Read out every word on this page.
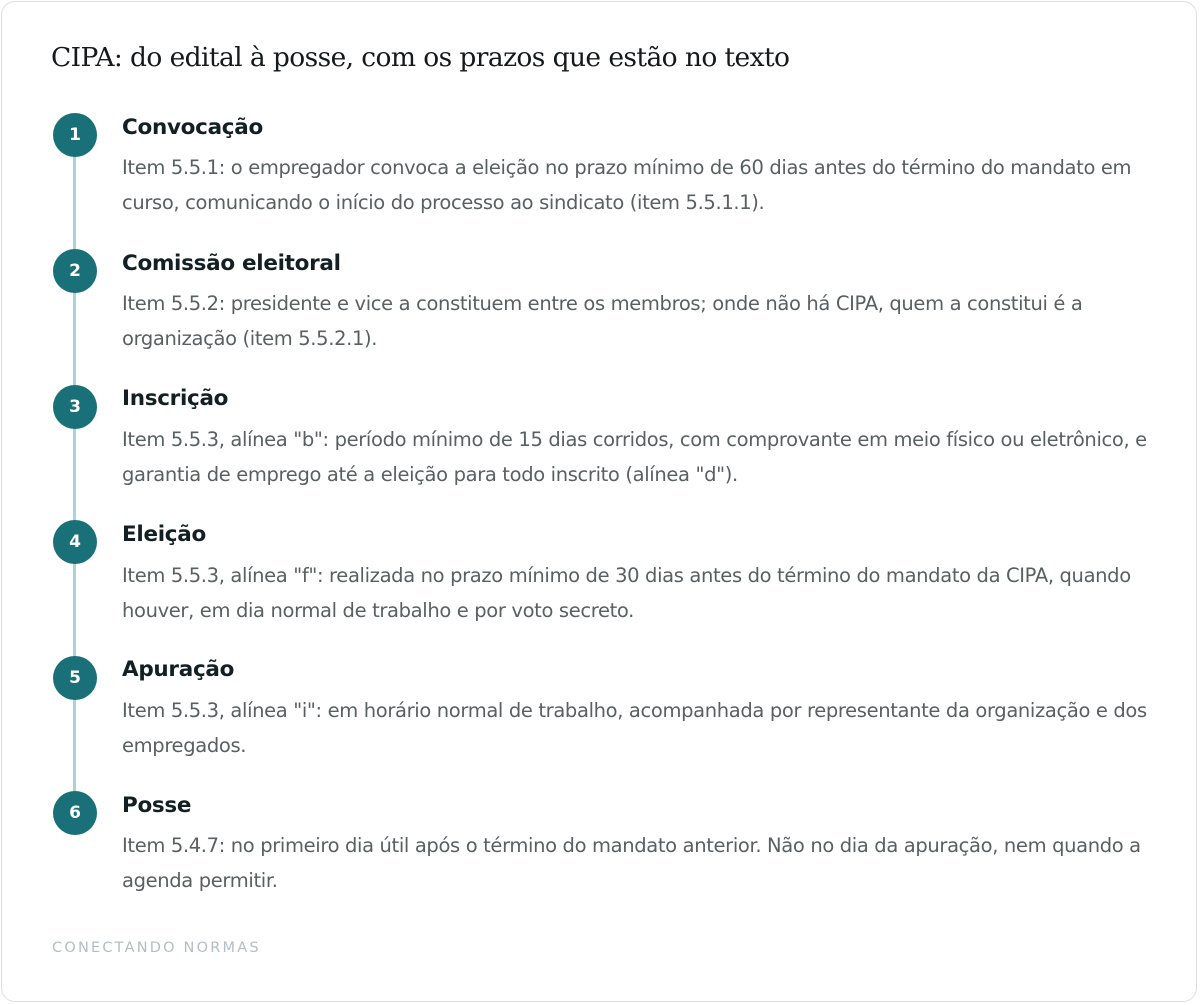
CIPA: do edital à posse, com os prazos que estão no texto
1	Convocação

Item 5.5.1: o empregador convoca a eleição no prazo mínimo de 60 dias antes do término do mandato em curso, comunicando o início do processo ao sindicato (item 5.5.1.1).

2	Comissão eleitoral

Item 5.5.2: presidente e vice a constituem entre os membros; onde não há CIPA, quem a constitui é a organização (item 5.5.2.1).

3	Inscrição

Item 5.5.3, alínea "b": período mínimo de 15 dias corridos, com comprovante em meio físico ou eletrônico, e garantia de emprego até a eleição para todo inscrito (alínea "d").

4	Eleição

Item 5.5.3, alínea "f": realizada no prazo mínimo de 30 dias antes do término do mandato da CIPA, quando houver, em dia normal de trabalho e por voto secreto.

5	Apuração

Item 5.5.3, alínea "i": em horário normal de trabalho, acompanhada por representante da organização e dos empregados.

6	Posse

Item 5.4.7: no primeiro dia útil após o término do mandato anterior. Não no dia da apuração, nem quando a agenda permitir.

CONECTANDO NORMAS
